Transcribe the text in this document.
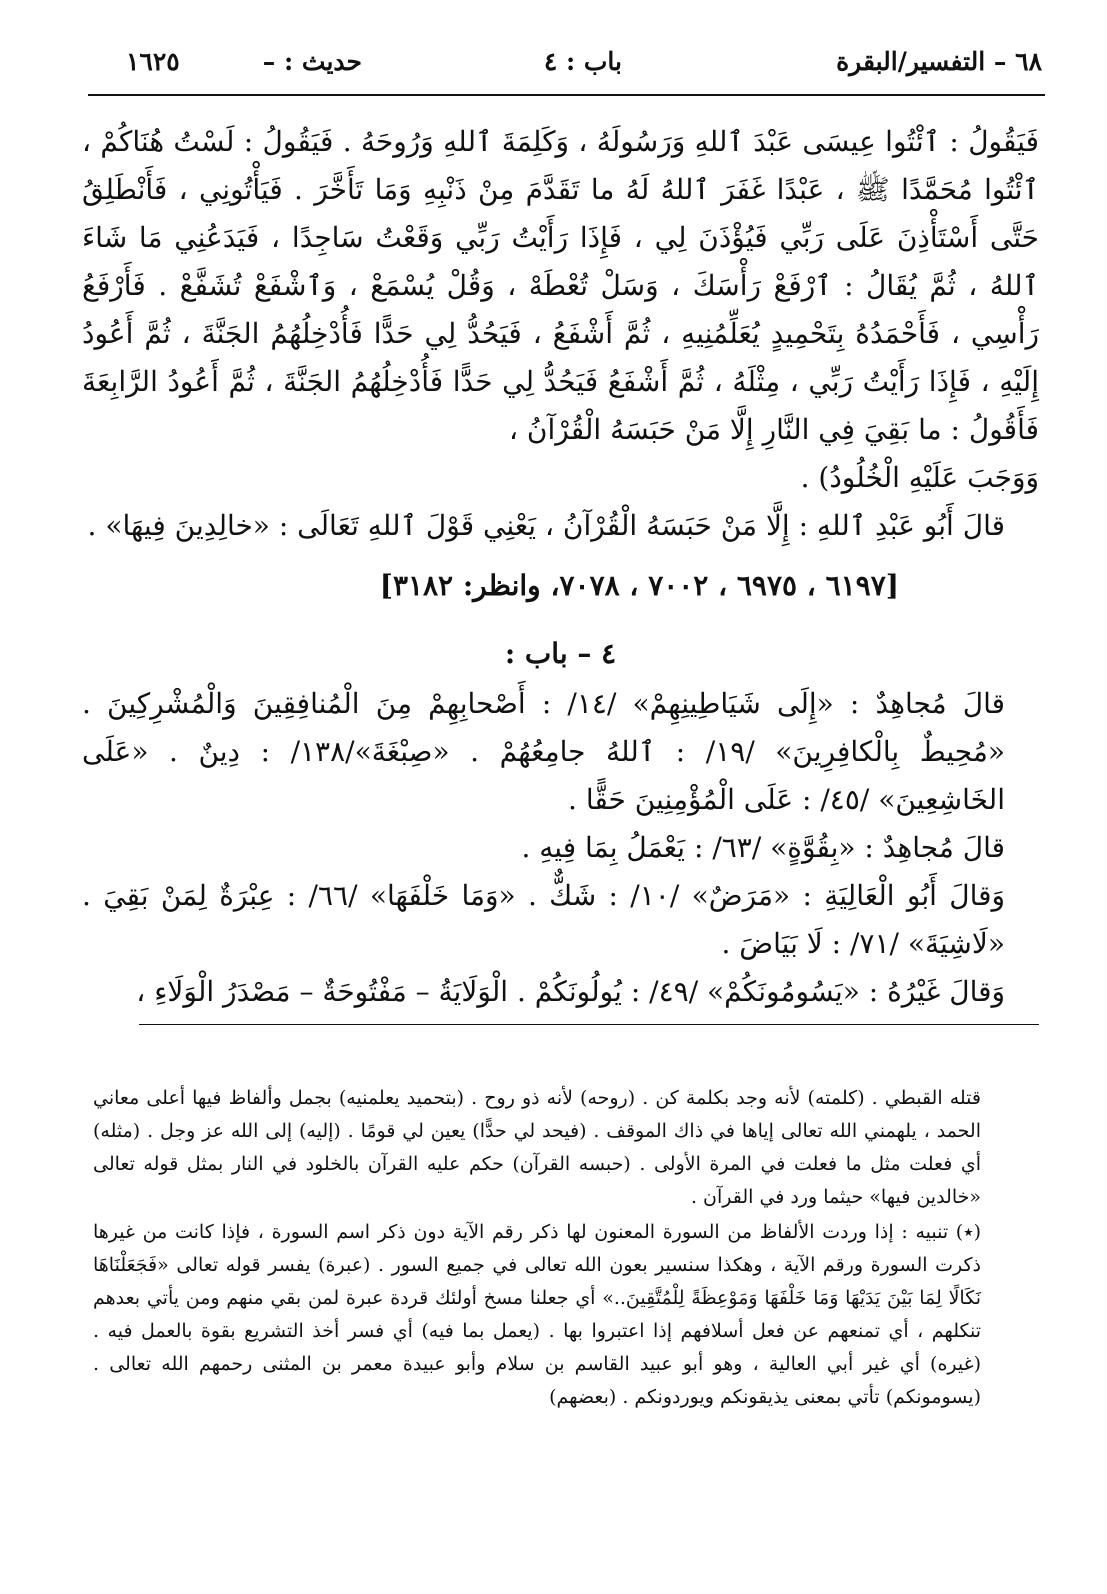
٦٨ – التفسير/البقرة
باب : ٤
حديث : –
١٦٢٥

فَيَقُولُ : ٱئْتُوا عِيسَى عَبْدَ ٱللهِ وَرَسُولَهُ ، وَكَلِمَةَ ٱللهِ وَرُوحَهُ . فَيَقُولُ : لَسْتُ هُنَاكُمْ ، ٱئْتُوا مُحَمَّدًا ﷺ ، عَبْدًا غَفَرَ ٱللهُ لَهُ ما تَقَدَّمَ مِنْ ذَنْبِهِ وَمَا تَأَخَّرَ . فَيَأْتُونِي ، فَأَنْطَلِقُ حَتَّى أَسْتَأْذِنَ عَلَى رَبِّي فَيُؤْذَنَ لِي ، فَإِذَا رَأَيْتُ رَبِّي وَقَعْتُ سَاجِدًا ، فَيَدَعُنِي مَا شَاءَ ٱللهُ ، ثُمَّ يُقَالُ : ٱرْفَعْ رَأْسَكَ ، وَسَلْ تُعْطَهْ ، وَقُلْ يُسْمَعْ ، وَٱشْفَعْ تُشَفَّعْ . فَأَرْفَعُ رَأْسِي ، فَأَحْمَدُهُ بِتَحْمِيدٍ يُعَلِّمُنِيهِ ، ثُمَّ أَشْفَعُ ، فَيَحُدُّ لِي حَدًّا فَأُدْخِلُهُمُ الجَنَّةَ ، ثُمَّ أَعُودُ إِلَيْهِ ، فَإِذَا رَأَيْتُ رَبِّي ، مِثْلَهُ ، ثُمَّ أَشْفَعُ فَيَحُدُّ لِي حَدًّا فَأُدْخِلُهُمُ الجَنَّةَ ، ثُمَّ أَعُودُ الرَّابِعَةَ فَأَقُولُ : ما بَقِيَ فِي النَّارِ إِلَّا مَنْ حَبَسَهُ الْقُرْآنُ ،
وَوَجَبَ عَلَيْهِ الْخُلُودُ) .

قالَ أَبُو عَبْدِ ٱللهِ : إِلَّا مَنْ حَبَسَهُ الْقُرْآنُ ، يَعْنِي قَوْلَ ٱللهِ تَعَالَى : «خالِدِينَ فِيهَا» .

[٦١٩٧ ، ٦٩٧٥ ، ٧٠٠٢ ، ٧٠٧٨، وانظر: ٣١٨٢]
٤ – باب :

قالَ مُجاهِدٌ : «إِلَى شَيَاطِينِهِمْ» /١٤/ : أَصْحابِهِمْ مِنَ الْمُنافِقِينَ وَالْمُشْرِكِينَ . «مُحِيطٌ بِالْكافِرِينَ» /١٩/ : ٱللهُ جامِعُهُمْ . «صِبْغَةَ»/١٣٨/ : دِينٌ . «عَلَى الخَاشِعِينَ» /٤٥/ : عَلَى الْمُؤْمِنِينَ حَقًّا .

قالَ مُجاهِدٌ : «بِقُوَّةٍ» /٦٣/ : يَعْمَلُ بِمَا فِيهِ .

وَقالَ أَبُو الْعَالِيَةِ : «مَرَضٌ» /١٠/ : شَكٌّ . «وَمَا خَلْفَهَا» /٦٦/ : عِبْرَةٌ لِمَنْ بَقِيَ . «لَاشِيَةَ» /٧١/ : لَا بَيَاضَ .

وَقالَ غَيْرُهُ : «يَسُومُونَكُمْ» /٤٩/ : يُولُونَكُمْ . الْوَلَايَةُ – مَفْتُوحَةٌ – مَصْدَرُ الْوَلَاءِ ،

قتله القبطي . (كلمته) لأنه وجد بكلمة كن . (روحه) لأنه ذو روح . (بتحميد يعلمنيه) بجمل وألفاظ فيها أعلى معاني الحمد ، يلهمني الله تعالى إياها في ذاك الموقف . (فيحد لي حدًّا) يعين لي قومًا . (إليه) إلى الله عز وجل . (مثله) أي فعلت مثل ما فعلت في المرة الأولى . (حبسه القرآن) حكم عليه القرآن بالخلود في النار بمثل قوله تعالى «خالدين فيها» حيثما ورد في القرآن .

(٭) تنبيه : إذا وردت الألفاظ من السورة المعنون لها ذكر رقم الآية دون ذكر اسم السورة ، فإذا كانت من غيرها ذكرت السورة ورقم الآية ، وهكذا سنسير بعون الله تعالى في جميع السور . (عبرة) يفسر قوله تعالى «فَجَعَلْنَاهَا نَكَالًا لِمَا بَيْنَ يَدَيْهَا وَمَا خَلْفَهَا وَمَوْعِظَةً لِلْمُتَّقِينَ..» أي جعلنا مسخ أولئك قردة عبرة لمن بقي منهم ومن يأتي بعدهم تنكلهم ، أي تمنعهم عن فعل أسلافهم إذا اعتبروا بها . (يعمل بما فيه) أي فسر أخذ التشريع بقوة بالعمل فيه . (غيره) أي غير أبي العالية ، وهو أبو عبيد القاسم بن سلام وأبو عبيدة معمر بن المثنى رحمهم الله تعالى . (يسومونكم) تأتي بمعنى يذيقونكم ويوردونكم . (بعضهم)
